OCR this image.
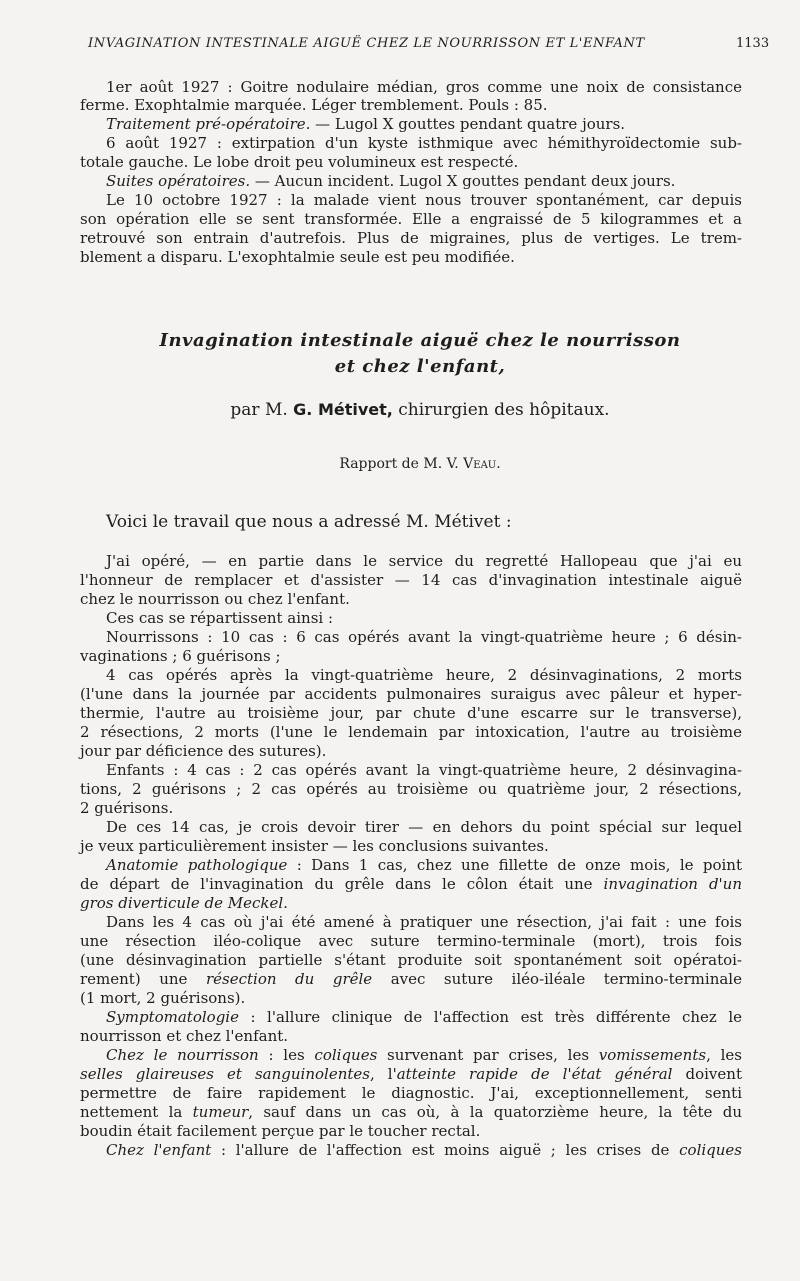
INVAGINATION INTESTINALE AIGUË CHEZ LE NOURRISSON ET L'ENFANT	1133
1er août 1927 : Goitre nodulaire médian, gros comme une noix de consistance
ferme. Exophtalmie marquée. Léger tremblement. Pouls : 85.
Traitement pré-opératoire. — Lugol X gouttes pendant quatre jours.
6 août 1927 : extirpation d'un kyste isthmique avec hémithyroïdectomie sub-
totale gauche. Le lobe droit peu volumineux est respecté.
Suites opératoires. — Aucun incident. Lugol X gouttes pendant deux jours.
Le 10 octobre 1927 : la malade vient nous trouver spontanément, car depuis
son opération elle se sent transformée. Elle a engraissé de 5 kilogrammes et a
retrouvé son entrain d'autrefois. Plus de migraines, plus de vertiges. Le trem-
blement a disparu. L'exophtalmie seule est peu modifiée.
Invagination intestinale aiguë chez le nourrisson
et chez l'enfant,
par M. G. Métivet, chirurgien des hôpitaux.
Rapport de M. V. Veau.
Voici le travail que nous a adressé M. Métivet :
J'ai opéré, — en partie dans le service du regretté Hallopeau que j'ai eu
l'honneur de remplacer et d'assister — 14 cas d'invagination intestinale aiguë
chez le nourrisson ou chez l'enfant.
Ces cas se répartissent ainsi :
Nourrissons : 10 cas : 6 cas opérés avant la vingt-quatrième heure ; 6 désin-
vaginations ; 6 guérisons ;
4 cas opérés après la vingt-quatrième heure, 2 désinvaginations, 2 morts
(l'une dans la journée par accidents pulmonaires suraigus avec pâleur et hyper-
thermie, l'autre au troisième jour, par chute d'une escarre sur le transverse),
2 résections, 2 morts (l'une le lendemain par intoxication, l'autre au troisième
jour par déficience des sutures).
Enfants : 4 cas : 2 cas opérés avant la vingt-quatrième heure, 2 désinvagina-
tions, 2 guérisons ; 2 cas opérés au troisième ou quatrième jour, 2 résections,
2 guérisons.
De ces 14 cas, je crois devoir tirer — en dehors du point spécial sur lequel
je veux particulièrement insister — les conclusions suivantes.
Anatomie pathologique : Dans 1 cas, chez une fillette de onze mois, le point
de départ de l'invagination du grêle dans le côlon était une invagination d'un
gros diverticule de Meckel.
Dans les 4 cas où j'ai été amené à pratiquer une résection, j'ai fait : une fois
une résection iléo-colique avec suture termino-terminale (mort), trois fois
(une désinvagination partielle s'étant produite soit spontanément soit opératoi-
rement) une résection du grêle avec suture iléo-iléale termino-terminale
(1 mort, 2 guérisons).
Symptomatologie : l'allure clinique de l'affection est très différente chez le
nourrisson et chez l'enfant.
Chez le nourrisson : les coliques survenant par crises, les vomissements, les
selles glaireuses et sanguinolentes, l'atteinte rapide de l'état général doivent
permettre de faire rapidement le diagnostic. J'ai, exceptionnellement, senti
nettement la tumeur, sauf dans un cas où, à la quatorzième heure, la tête du
boudin était facilement perçue par le toucher rectal.
Chez l'enfant : l'allure de l'affection est moins aiguë ; les crises de coliques
